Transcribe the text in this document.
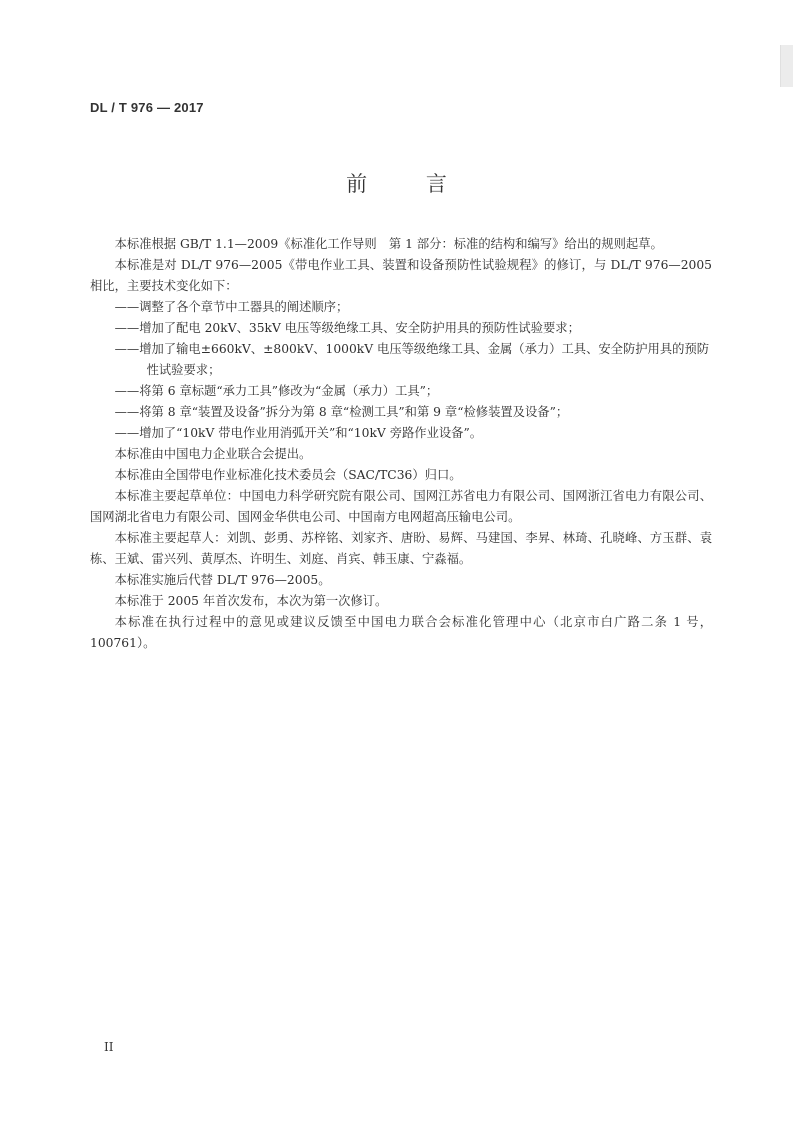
DL / T 976 — 2017
前 言

本标准根据 GB/T 1.1—2009《标准化工作导则　第 1 部分：标准的结构和编写》给出的规则起草。

本标准是对 DL/T 976—2005《带电作业工具、装置和设备预防性试验规程》的修订，与 DL/T 976—2005 相比，主要技术变化如下：

——调整了各个章节中工器具的阐述顺序；

——增加了配电 20kV、35kV 电压等级绝缘工具、安全防护用具的预防性试验要求；

——增加了输电±660kV、±800kV、1000kV 电压等级绝缘工具、金属（承力）工具、安全防护用具的预防性试验要求；

——将第 6 章标题“承力工具”修改为“金属（承力）工具”；

——将第 8 章“装置及设备”拆分为第 8 章“检测工具”和第 9 章“检修装置及设备”；

——增加了“10kV 带电作业用消弧开关”和“10kV 旁路作业设备”。

本标准由中国电力企业联合会提出。

本标准由全国带电作业标准化技术委员会（SAC/TC36）归口。

本标准主要起草单位：中国电力科学研究院有限公司、国网江苏省电力有限公司、国网浙江省电力有限公司、国网湖北省电力有限公司、国网金华供电公司、中国南方电网超高压输电公司。

本标准主要起草人：刘凯、彭勇、苏梓铭、刘家齐、唐盼、易辉、马建国、李昇、林琦、孔晓峰、方玉群、袁栋、王斌、雷兴列、黄厚杰、许明生、刘庭、肖宾、韩玉康、宁淼福。

本标准实施后代替 DL/T 976—2005。

本标准于 2005 年首次发布，本次为第一次修订。

本标准在执行过程中的意见或建议反馈至中国电力联合会标准化管理中心（北京市白广路二条 1 号，100761）。

II
